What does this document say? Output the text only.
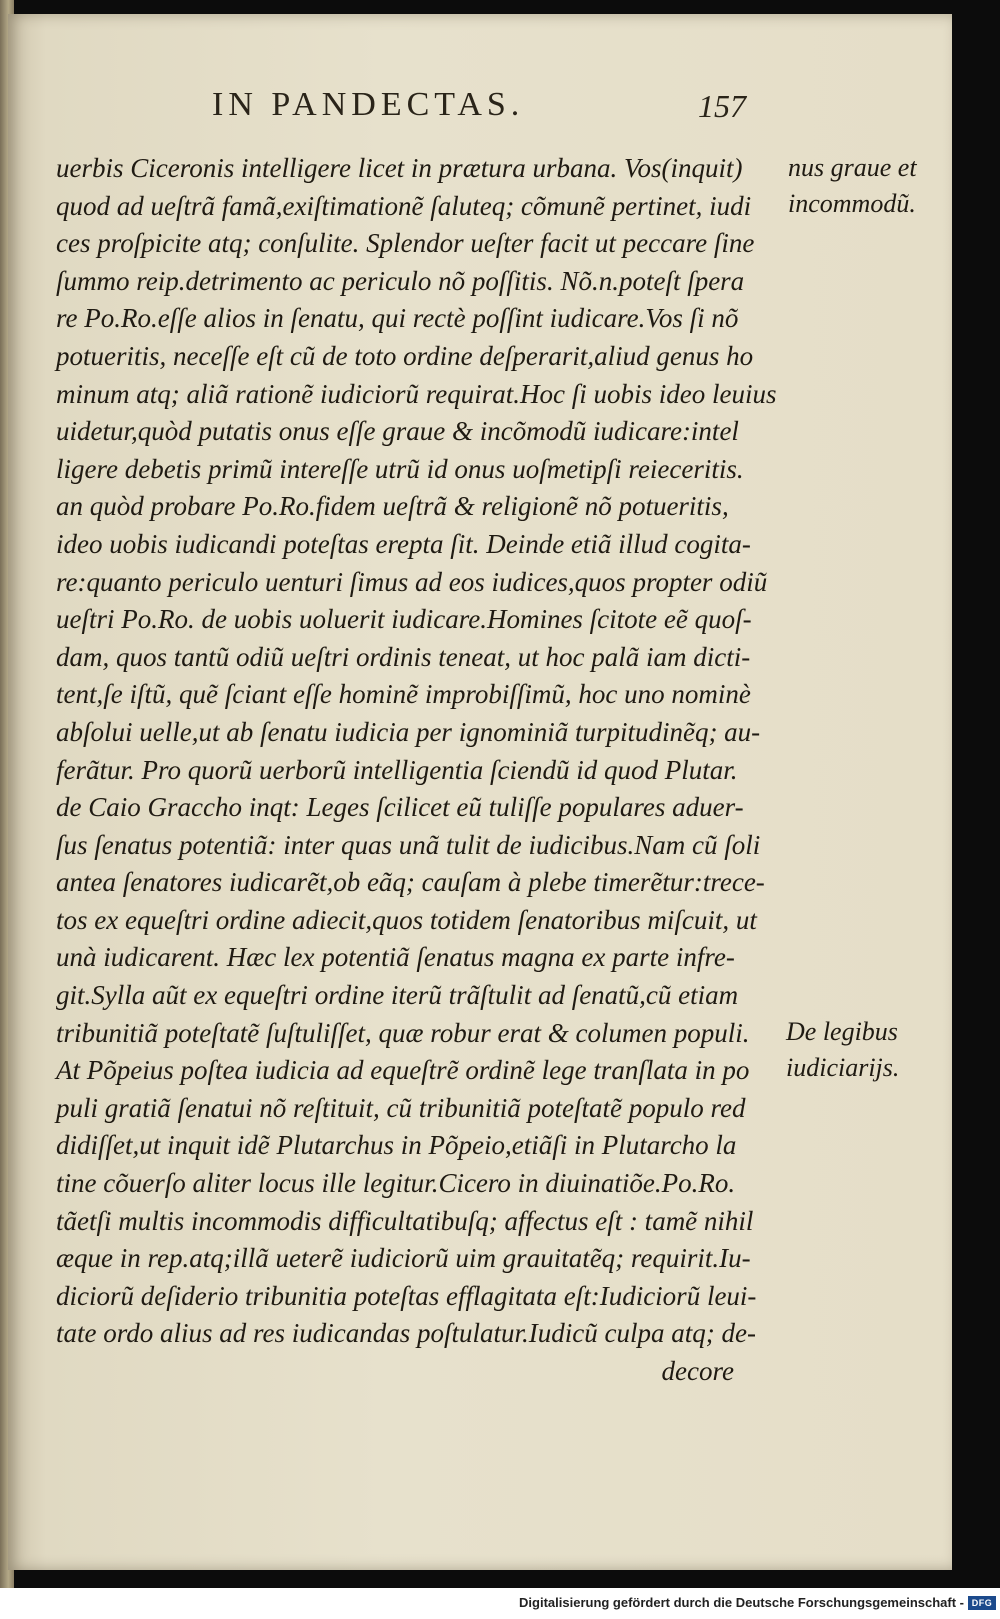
IN PANDECTAS.	157
uerbis Ciceronis intelligere licet in prætura urbana. Vos(inquit)
quod ad ueſtrã famã,exiſtimationẽ ſaluteq; cõmunẽ pertinet, iudi
ces proſpicite atq; conſulite. Splendor ueſter facit ut peccare ſine
ſummo reip.detrimento ac periculo nõ poſſitis. Nõ.n.poteſt ſpera
re Po.Ro.eſſe alios in ſenatu, qui rectè poſſint iudicare.Vos ſi nõ
potueritis, neceſſe eſt cũ de toto ordine deſperarit,aliud genus ho
minum atq; aliã rationẽ iudiciorũ requirat.Hoc ſi uobis ideo leuius
uidetur,quòd putatis onus eſſe graue & incõmodũ iudicare:intel
ligere debetis primũ intereſſe utrũ id onus uoſmetipſi reieceritis.
an quòd probare Po.Ro.fidem ueſtrã & religionẽ nõ potueritis,
ideo uobis iudicandi poteſtas erepta ſit. Deinde etiã illud cogita-
re:quanto periculo uenturi ſimus ad eos iudices,quos propter odiũ
ueſtri Po.Ro. de uobis uoluerit iudicare.Homines ſcitote eẽ quoſ-
dam, quos tantũ odiũ ueſtri ordinis teneat, ut hoc palã iam dicti-
tent,ſe iſtũ, quẽ ſciant eſſe hominẽ improbiſſimũ, hoc uno nominè
abſolui uelle,ut ab ſenatu iudicia per ignominiã turpitudinẽq; au-
ferãtur. Pro quorũ uerborũ intelligentia ſciendũ id quod Plutar.
de Caio Graccho inqt: Leges ſcilicet eũ tuliſſe populares aduer-
ſus ſenatus potentiã: inter quas unã tulit de iudicibus.Nam cũ ſoli
antea ſenatores iudicarẽt,ob eãq; cauſam à plebe timerẽtur:trece-
tos ex equeſtri ordine adiecit,quos totidem ſenatoribus miſcuit, ut
unà iudicarent. Hæc lex potentiã ſenatus magna ex parte infre-
git.Sylla aũt ex equeſtri ordine iterũ trãſtulit ad ſenatũ,cũ etiam
tribunitiã poteſtatẽ ſuſtuliſſet, quæ robur erat & columen populi.
At Põpeius poſtea iudicia ad equeſtrẽ ordinẽ lege tranſlata in po
puli gratiã ſenatui nõ reſtituit, cũ tribunitiã poteſtatẽ populo red
didiſſet,ut inquit idẽ Plutarchus in Põpeio,etiãſi in Plutarcho la
tine cõuerſo aliter locus ille legitur.Cicero in diuinatiõe.Po.Ro.
tãetſi multis incommodis difficultatibuſq; affectus eſt : tamẽ nihil
æque in rep.atq;illã ueterẽ iudiciorũ uim grauitatẽq; requirit.Iu-
diciorũ deſiderio tribunitia poteſtas efflagitata eſt:Iudiciorũ leui-
tate ordo alius ad res iudicandas poſtulatur.Iudicũ culpa atq; de-
decore
nus graue et
incommodũ.
De legibus
iudiciarijs.
Digitalisierung gefördert durch die Deutsche Forschungsgemeinschaft - DFG
